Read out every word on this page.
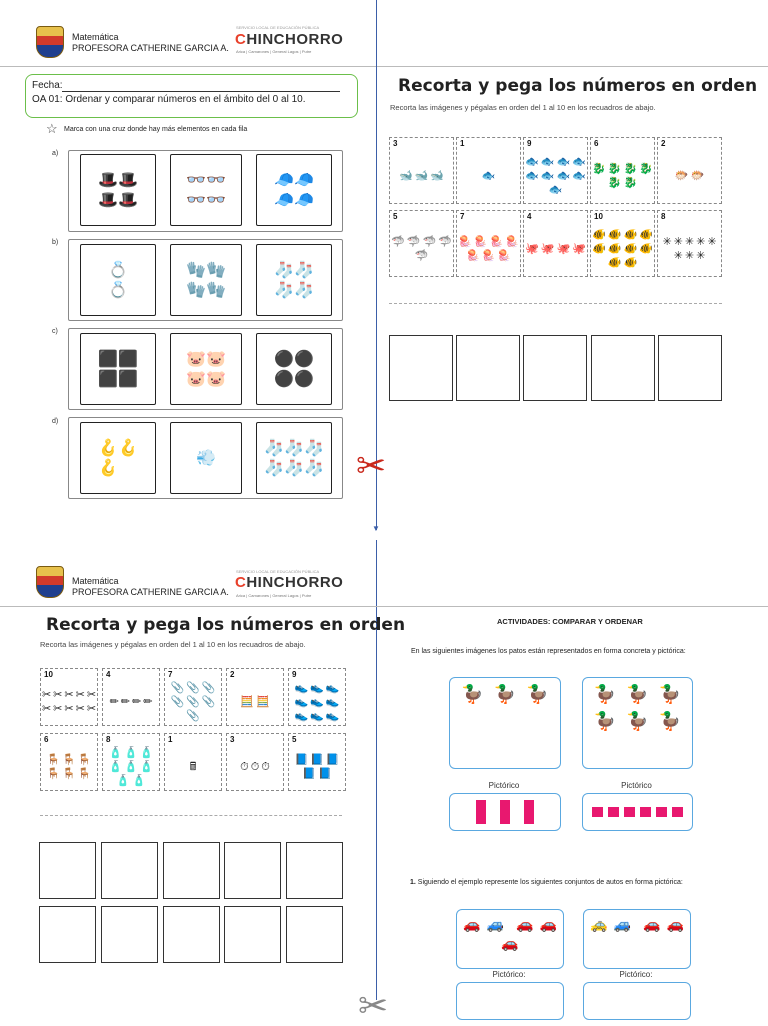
Matemática
PROFESORA CATHERINE GARCIA A.
SERVICIO LOCAL DE EDUCACIÓN PÚBLICA
CHINCHORRO
Arica | Camarones | General Lagos | Putre
▼
Fecha:
OA 01: Ordenar y comparar números en el ámbito del 0 al 10.
☆ Marca con una cruz donde hay más elementos en cada fila
a)
🎩🎩
🎩🎩
👓👓
👓👓
🧢🧢
🧢🧢
b)
💍
💍
🧤🧤
🧤🧤
🧦🧦
🧦🧦
c)
⬛⬛
⬛⬛
🐷🐷
🐷🐷
⚫⚫
⚫⚫
d)
🪝🪝
🪝
💨
🧦🧦🧦
🧦🧦🧦 ✂
Recorta y pega los números en orden
Recorta las imágenes y pégalas en orden del 1 al 10 en los recuadros de abajo.
3
🐋 🐋 🐋
1
🐟
9
🐟 🐟 🐟 🐟
🐟 🐟 🐟 🐟
🐟
6
🐉 🐉 🐉 🐉
🐉 🐉
2
🐡 🐡
5
🦈 🦈 🦈 🦈
🦈
7
🪼 🪼 🪼 🪼
🪼 🪼 🪼
4
🐙 🐙 🐙 🐙
10
🐠 🐠 🐠 🐠
🐠 🐠 🐠 🐠
🐠 🐠
8
✳ ✳ ✳ ✳ ✳
✳ ✳ ✳
Matemática
PROFESORA CATHERINE GARCIA A.
SERVICIO LOCAL DE EDUCACIÓN PÚBLICA
CHINCHORRO
Arica | Camarones | General Lagos | Putre
Recorta y pega los números en orden
Recorta las imágenes y pégalas en orden del 1 al 10 en los recuadros de abajo.
10
✂ ✂ ✂ ✂ ✂
✂ ✂ ✂ ✂ ✂
4
✏ ✏ ✏ ✏
7
📎 📎 📎
📎 📎 📎
📎
2
🧮 🧮
9
👟 👟 👟
👟 👟 👟
👟 👟 👟
6
🪑 🪑 🪑
🪑 🪑 🪑
8
🧴 🧴 🧴
🧴 🧴 🧴
🧴 🧴
1
🖩
3
⏱ ⏱ ⏱
5
📘 📘 📘
📘 📘
✂
ACTIVIDADES: COMPARAR Y ORDENAR
En las siguientes imágenes los patos están representados en forma concreta y pictórica:
🦆 🦆 🦆	🦆 🦆 🦆
🦆 🦆 🦆
Pictórico	Pictórico
1. Siguiendo el ejemplo represente los siguientes conjuntos de autos en forma pictórica:
🚗 🚙 🚗 🚗
🚗
🚕 🚙 🚗 🚗
Pictórico:	Pictórico:
